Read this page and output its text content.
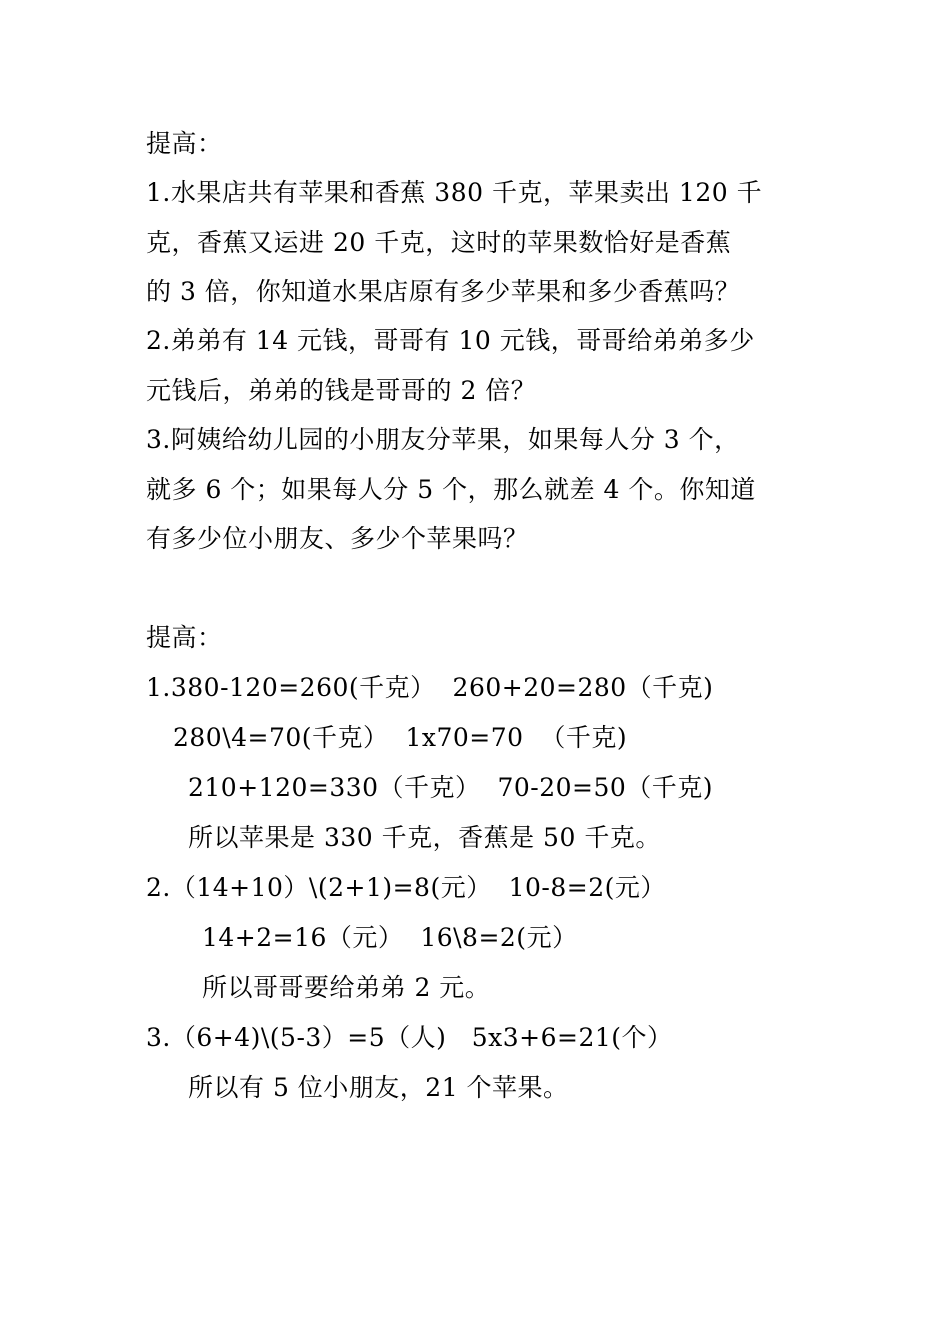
提高：
1.水果店共有苹果和香蕉 380 千克，苹果卖出 120 千
克，香蕉又运进 20 千克，这时的苹果数恰好是香蕉
的 3 倍，你知道水果店原有多少苹果和多少香蕉吗？
2.弟弟有 14 元钱，哥哥有 10 元钱，哥哥给弟弟多少
元钱后，弟弟的钱是哥哥的 2 倍？
3.阿姨给幼儿园的小朋友分苹果，如果每人分 3 个，
就多 6 个；如果每人分 5 个，那么就差 4 个。你知道
有多少位小朋友、多少个苹果吗？
提高：
1.380-120=260(千克）  260+20=280（千克)
280\4=70(千克）  1x70=70  （千克)
210+120=330（千克）  70-20=50（千克)
所以苹果是 330 千克，香蕉是 50 千克。
2.（14+10）\(2+1)=8(元）  10-8=2(元）
14+2=16（元）  16\8=2(元）
所以哥哥要给弟弟 2 元。
3.（6+4)\(5-3）=5（人)   5x3+6=21(个）
所以有 5 位小朋友，21 个苹果。
